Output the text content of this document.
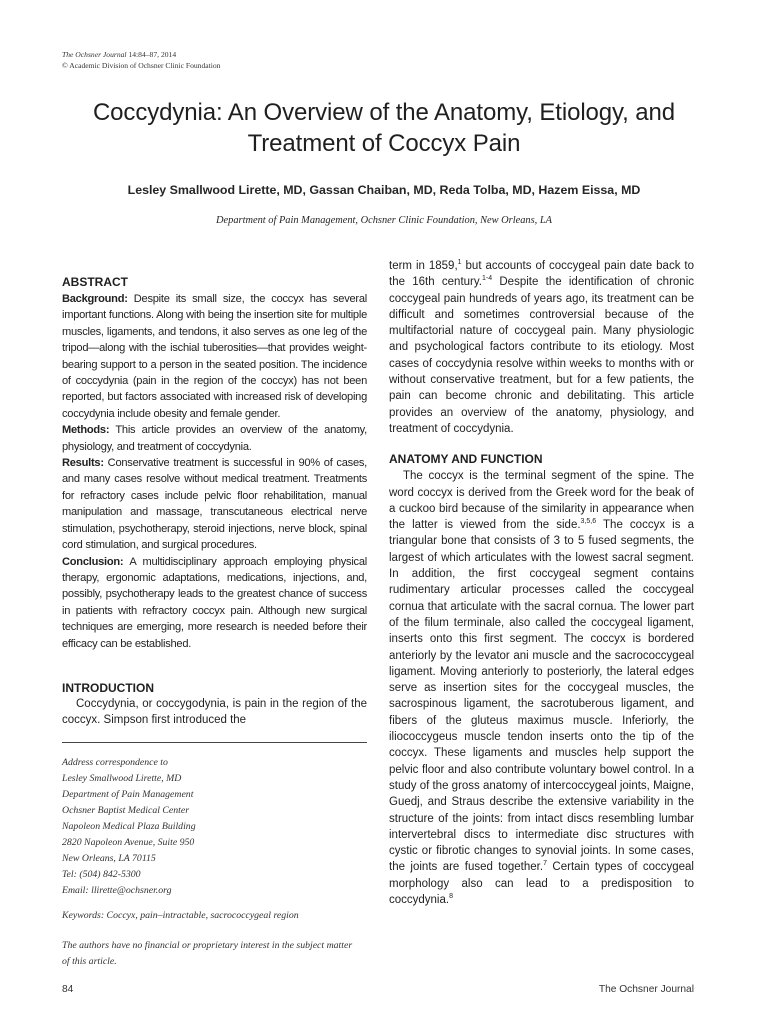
The Ochsner Journal 14:84–87, 2014
© Academic Division of Ochsner Clinic Foundation
Coccydynia: An Overview of the Anatomy, Etiology, and
Treatment of Coccyx Pain
Lesley Smallwood Lirette, MD, Gassan Chaiban, MD, Reda Tolba, MD, Hazem Eissa, MD
Department of Pain Management, Ochsner Clinic Foundation, New Orleans, LA
ABSTRACT

Background: Despite its small size, the coccyx has several important functions. Along with being the insertion site for multiple muscles, ligaments, and tendons, it also serves as one leg of the tripod—along with the ischial tuberosities—that provides weight-bearing support to a person in the seated position. The incidence of coccydynia (pain in the region of the coccyx) has not been reported, but factors associated with increased risk of developing coccydynia include obesity and female gender.

Methods: This article provides an overview of the anatomy, physiology, and treatment of coccydynia.

Results: Conservative treatment is successful in 90% of cases, and many cases resolve without medical treatment. Treatments for refractory cases include pelvic floor rehabilitation, manual manipulation and massage, transcutaneous electrical nerve stimulation, psychotherapy, steroid injections, nerve block, spinal cord stimulation, and surgical procedures.

Conclusion: A multidisciplinary approach employing physical therapy, ergonomic adaptations, medications, injections, and, possibly, psychotherapy leads to the greatest chance of success in patients with refractory coccyx pain. Although new surgical techniques are emerging, more research is needed before their efficacy can be established.

INTRODUCTION

Coccydynia, or coccygodynia, is pain in the region of the coccyx. Simpson first introduced the

Address correspondence to
Lesley Smallwood Lirette, MD
Department of Pain Management
Ochsner Baptist Medical Center
Napoleon Medical Plaza Building
2820 Napoleon Avenue, Suite 950
New Orleans, LA 70115
Tel: (504) 842-5300
Email: llirette@ochsner.org
Keywords: Coccyx, pain–intractable, sacrococcygeal region
The authors have no financial or proprietary interest in the subject matter of this article.

term in 1859,$^1$ but accounts of coccygeal pain date back to the 16th century.$^{1-4}$ Despite the identification of chronic coccygeal pain hundreds of years ago, its treatment can be difficult and sometimes controversial because of the multifactorial nature of coccygeal pain. Many physiologic and psychological factors contribute to its etiology. Most cases of coccydynia resolve within weeks to months with or without conservative treatment, but for a few patients, the pain can become chronic and debilitating. This article provides an overview of the anatomy, physiology, and treatment of coccydynia.

ANATOMY AND FUNCTION

The coccyx is the terminal segment of the spine. The word coccyx is derived from the Greek word for the beak of a cuckoo bird because of the similarity in appearance when the latter is viewed from the side.$^{3,5,6}$ The coccyx is a triangular bone that consists of 3 to 5 fused segments, the largest of which articulates with the lowest sacral segment. In addition, the first coccygeal segment contains rudimentary articular processes called the coccygeal cornua that articulate with the sacral cornua. The lower part of the filum terminale, also called the coccygeal ligament, inserts onto this first segment. The coccyx is bordered anteriorly by the levator ani muscle and the sacrococcygeal ligament. Moving anteriorly to posteriorly, the lateral edges serve as insertion sites for the coccygeal muscles, the sacrospinous ligament, the sacrotuberous ligament, and fibers of the gluteus maximus muscle. Inferiorly, the iliococcygeus muscle tendon inserts onto the tip of the coccyx. These ligaments and muscles help support the pelvic floor and also contribute voluntary bowel control. In a study of the gross anatomy of intercoccygeal joints, Maigne, Guedj, and Straus describe the extensive variability in the structure of the joints: from intact discs resembling lumbar intervertebral discs to intermediate disc structures with cystic or fibrotic changes to synovial joints. In some cases, the joints are fused together.$^7$ Certain types of coccygeal morphology also can lead to a predisposition to coccydynia.$^8$

84	The Ochsner Journal
